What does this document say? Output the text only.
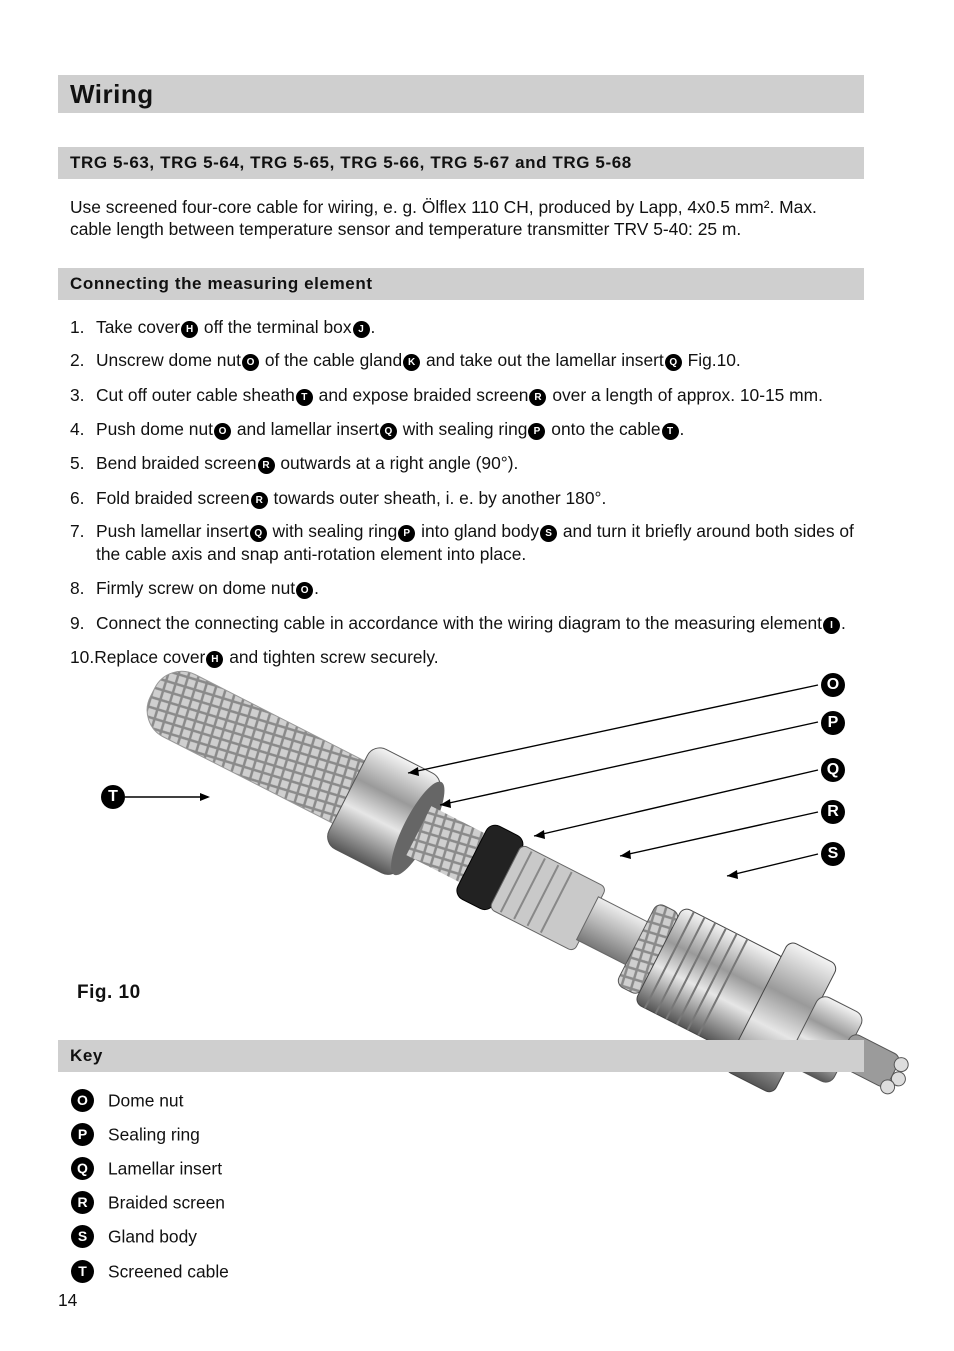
Wiring
TRG 5-63, TRG 5-64, TRG 5-65, TRG 5-66, TRG 5-67 and TRG 5-68
Use screened four-core cable for wiring, e. g. Ölflex 110 CH, produced by Lapp, 4x0.5 mm². Max. cable length between temperature sensor and temperature transmitter TRV 5-40: 25 m.
Connecting the measuring element
1. Take cover H off the terminal box J .
2. Unscrew dome nut O of the cable gland K and take out the lamellar insert Q Fig.10.
3. Cut off outer cable sheath T and expose braided screen R over a length of approx. 10-15 mm.
4. Push dome nut O and lamellar insert Q with sealing ring P onto the cable T .
5. Bend braided screen R outwards at a right angle (90°).
6. Fold braided screen R towards outer sheath, i. e. by another 180°.
7. Push lamellar insert Q with sealing ring P into gland body S and turn it briefly around both sides of
the cable axis and snap anti-rotation element into place.
8. Firmly screw on dome nut O .
9. Connect the connecting cable in accordance with the wiring diagram to the measuring element I .
10.Replace cover H and tighten screw securely.
O
P
Q
R
S
T
Fig. 10
Key
O Dome nut
P Sealing ring
Q Lamellar insert
R Braided screen
S Gland body
T Screened cable
14
